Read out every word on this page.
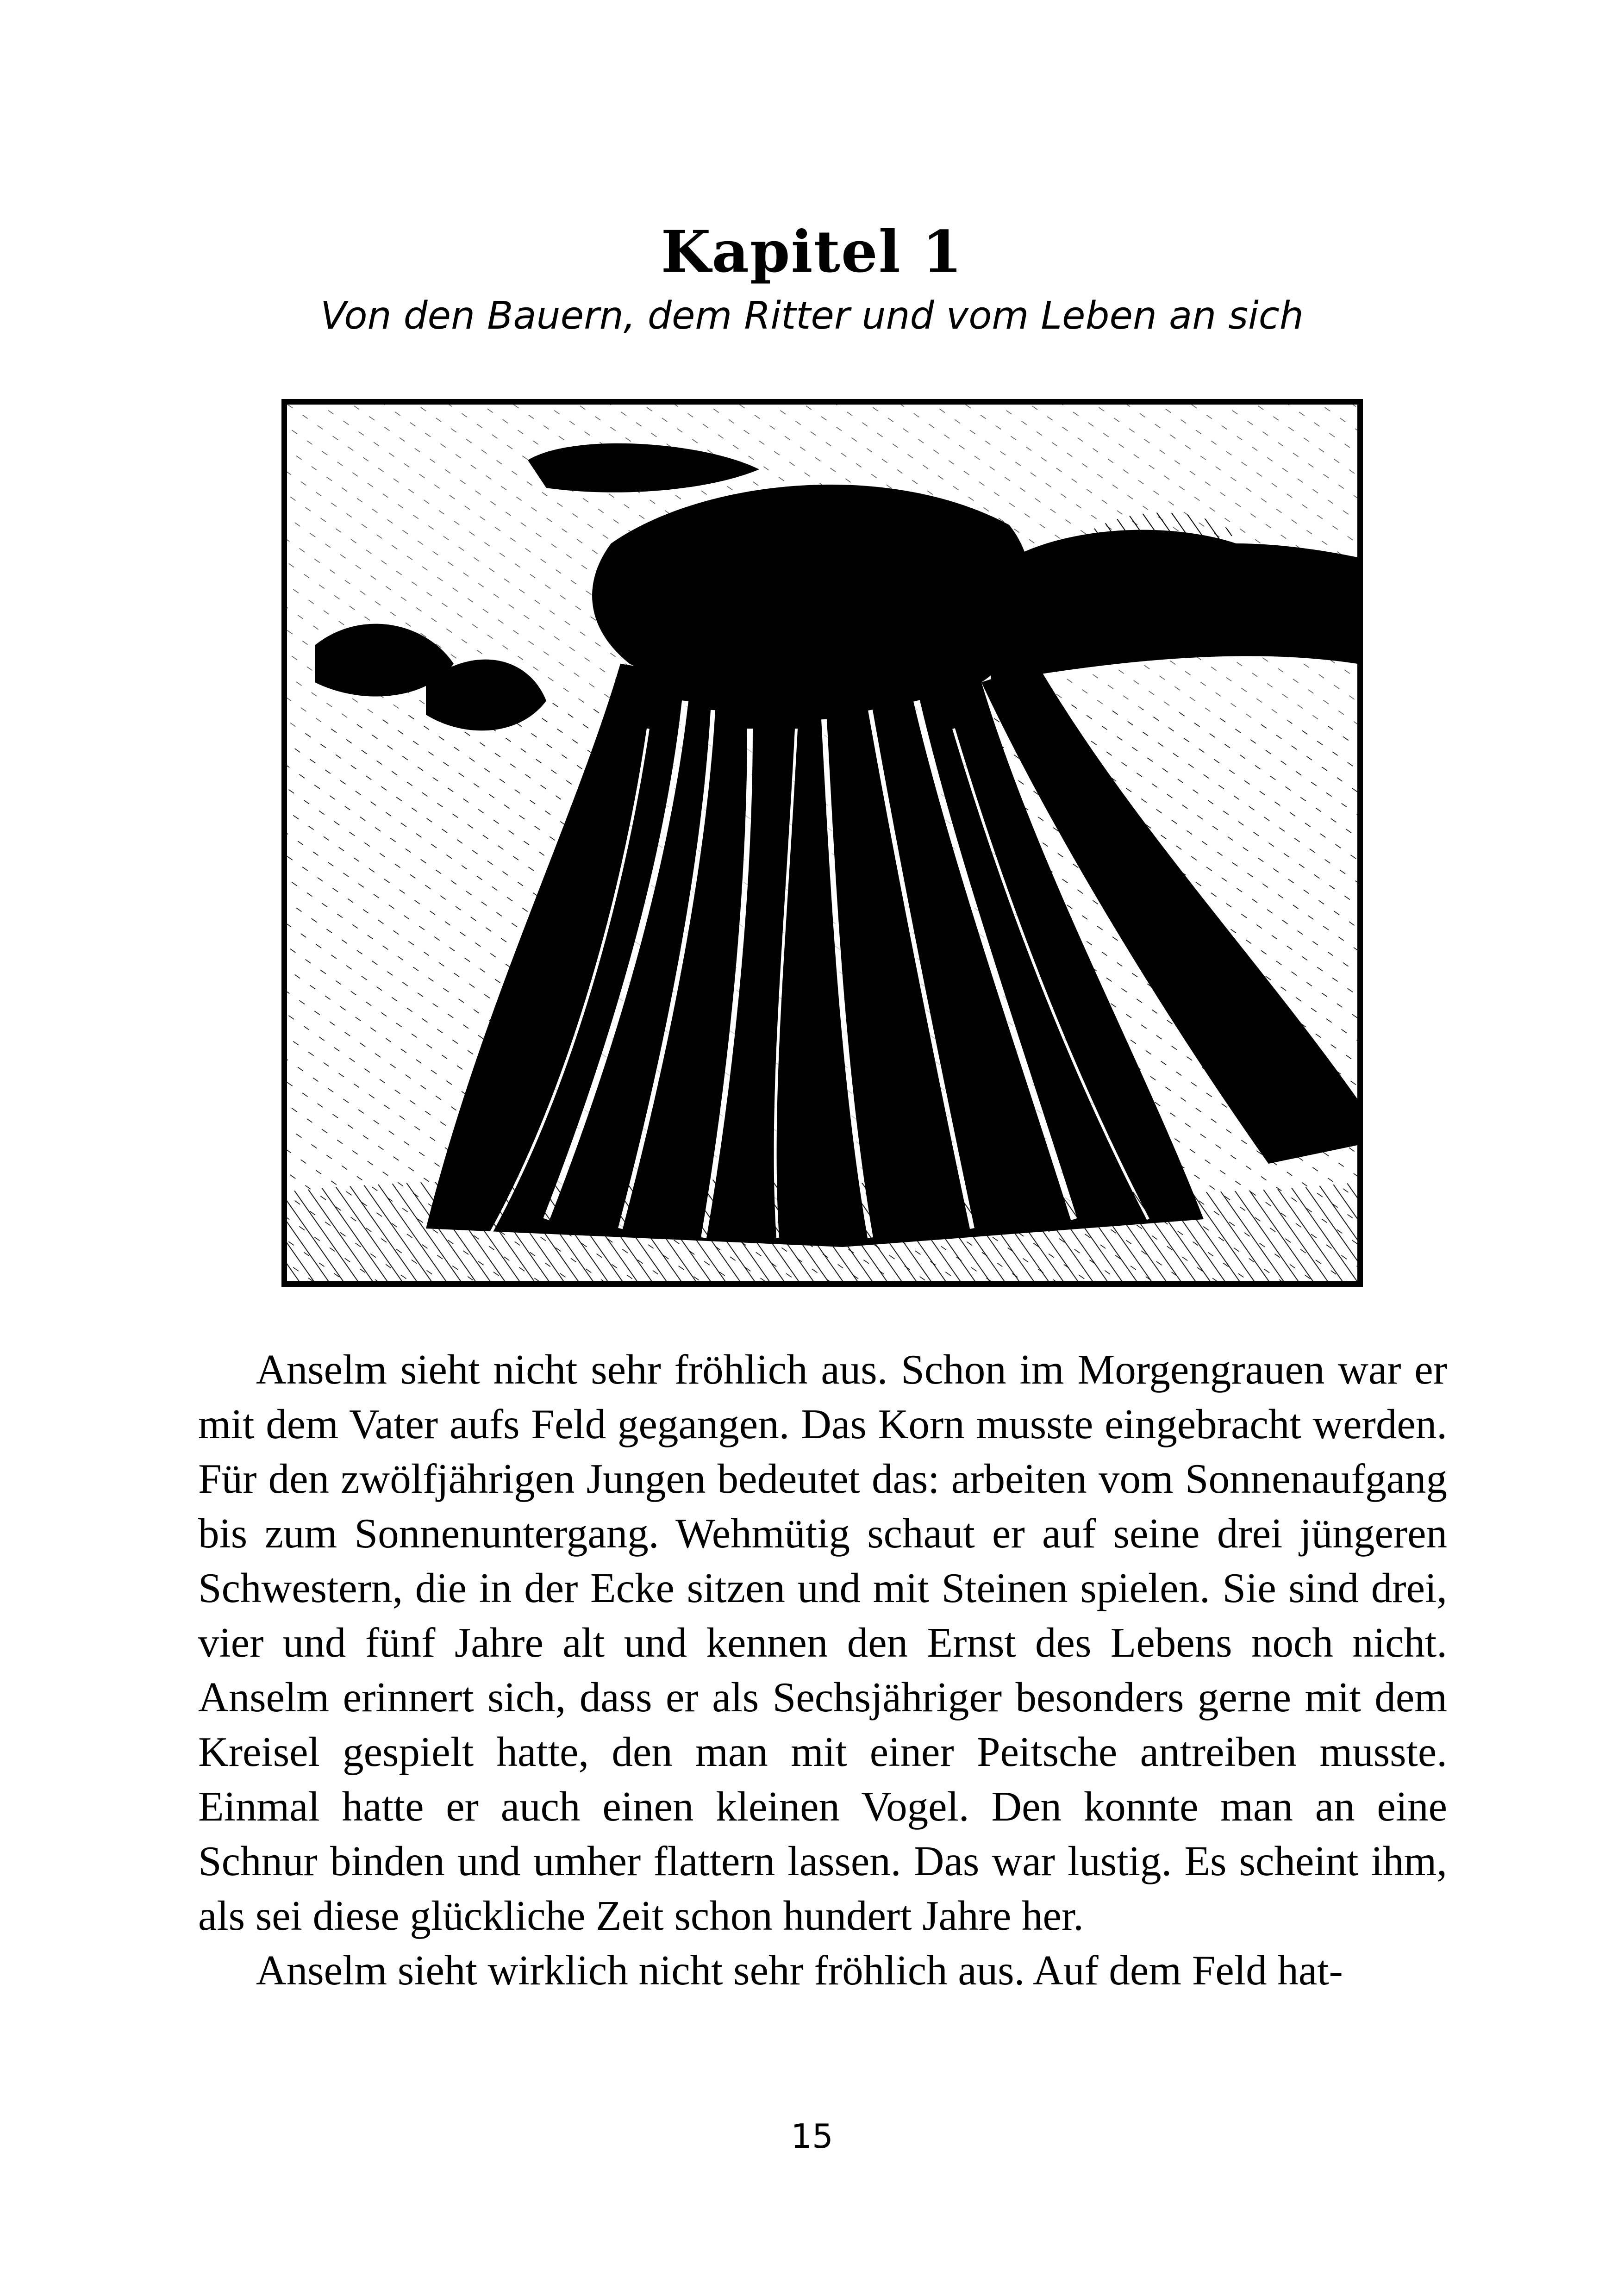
Kapitel 1
Von den Bauern, dem Ritter und vom Leben an sich

Anselm sieht nicht sehr fröhlich aus. Schon im Morgengrauen war er mit dem Vater aufs Feld gegangen. Das Korn musste eingebracht werden. Für den zwölfjährigen Jungen bedeutet das: arbeiten vom Sonnenaufgang bis zum Sonnenuntergang. Wehmütig schaut er auf seine drei jüngeren Schwestern, die in der Ecke sitzen und mit Steinen spielen. Sie sind drei, vier und fünf Jahre alt und kennen den Ernst des Lebens noch nicht. Anselm erinnert sich, dass er als Sechsjähriger besonders gerne mit dem Kreisel gespielt hatte, den man mit einer Peitsche antreiben musste. Einmal hatte er auch einen kleinen Vogel. Den konnte man an eine Schnur binden und umher flattern lassen. Das war lustig. Es scheint ihm, als sei diese glückliche Zeit schon hundert Jahre her.

Anselm sieht wirklich nicht sehr fröhlich aus. Auf dem Feld hat-

15
